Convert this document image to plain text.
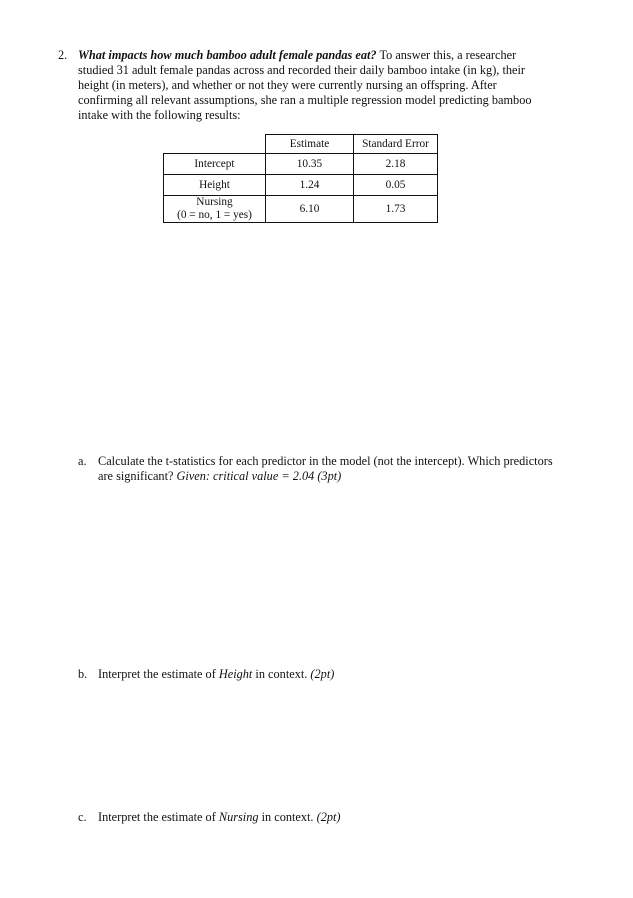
2. What impacts how much bamboo adult female pandas eat? To answer this, a researcher studied 31 adult female pandas across and recorded their daily bamboo intake (in kg), their height (in meters), and whether or not they were currently nursing an offspring. After confirming all relevant assumptions, she ran a multiple regression model predicting bamboo intake with the following results:
	Estimate	Standard Error
Intercept	10.35	2.18
Height	1.24	0.05

Nursing
(0 = no, 1 = yes)	6.10	1.73
a. Calculate the t-statistics for each predictor in the model (not the intercept). Which predictors are significant? Given: critical value = 2.04 (3pt)
b. Interpret the estimate of Height in context. (2pt)
c. Interpret the estimate of Nursing in context. (2pt)
